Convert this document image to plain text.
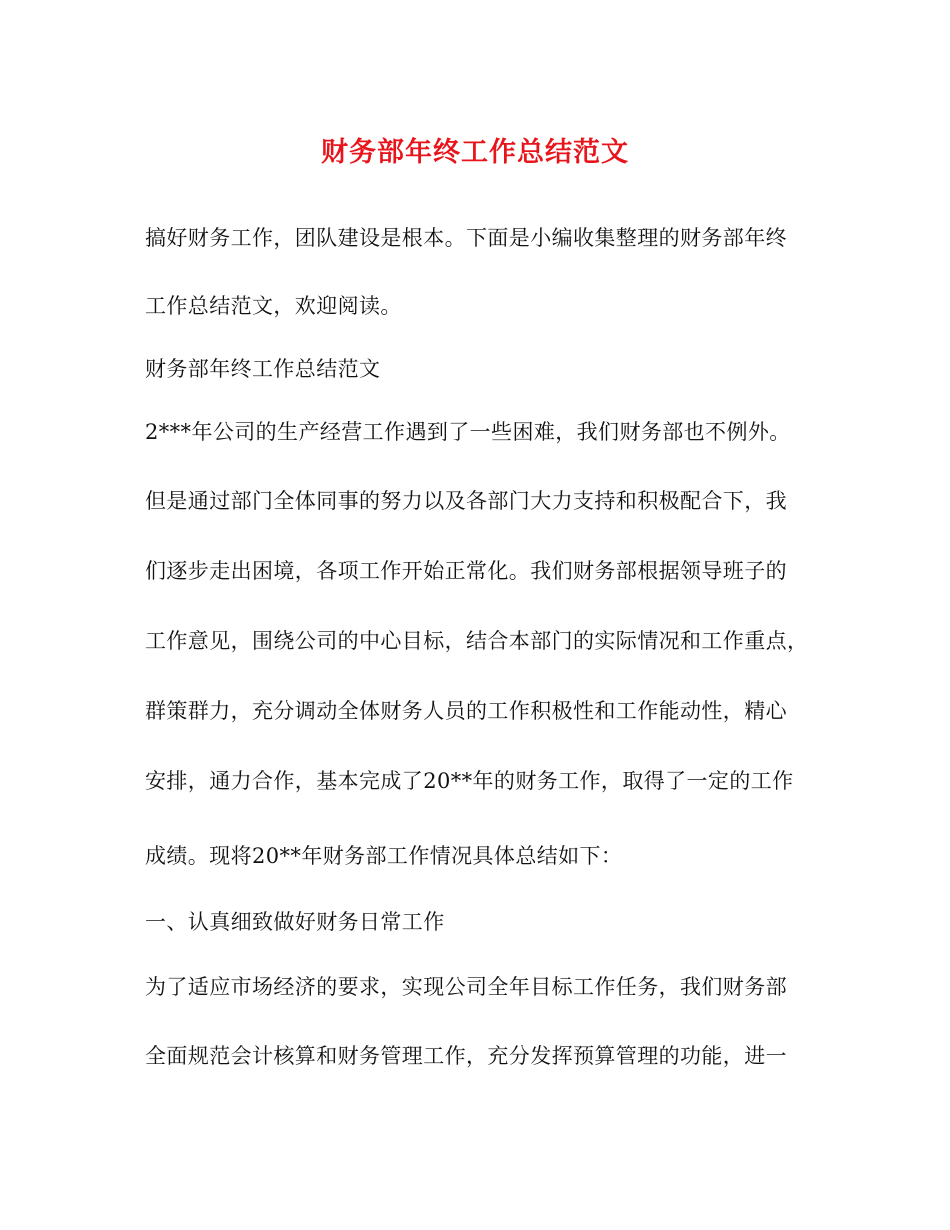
财务部年终工作总结范文
搞好财务工作，团队建设是根本。下面是小编收集整理的财务部年终
工作总结范文，欢迎阅读。
财务部年终工作总结范文
2***年公司的生产经营工作遇到了一些困难，我们财务部也不例外。
但是通过部门全体同事的努力以及各部门大力支持和积极配合下，我
们逐步走出困境，各项工作开始正常化。我们财务部根据领导班子的
工作意见，围绕公司的中心目标，结合本部门的实际情况和工作重点，
群策群力，充分调动全体财务人员的工作积极性和工作能动性，精心
安排，通力合作，基本完成了20**年的财务工作，取得了一定的工作
成绩。现将20**年财务部工作情况具体总结如下：
一、认真细致做好财务日常工作
为了适应市场经济的要求，实现公司全年目标工作任务，我们财务部
全面规范会计核算和财务管理工作，充分发挥预算管理的功能，进一
